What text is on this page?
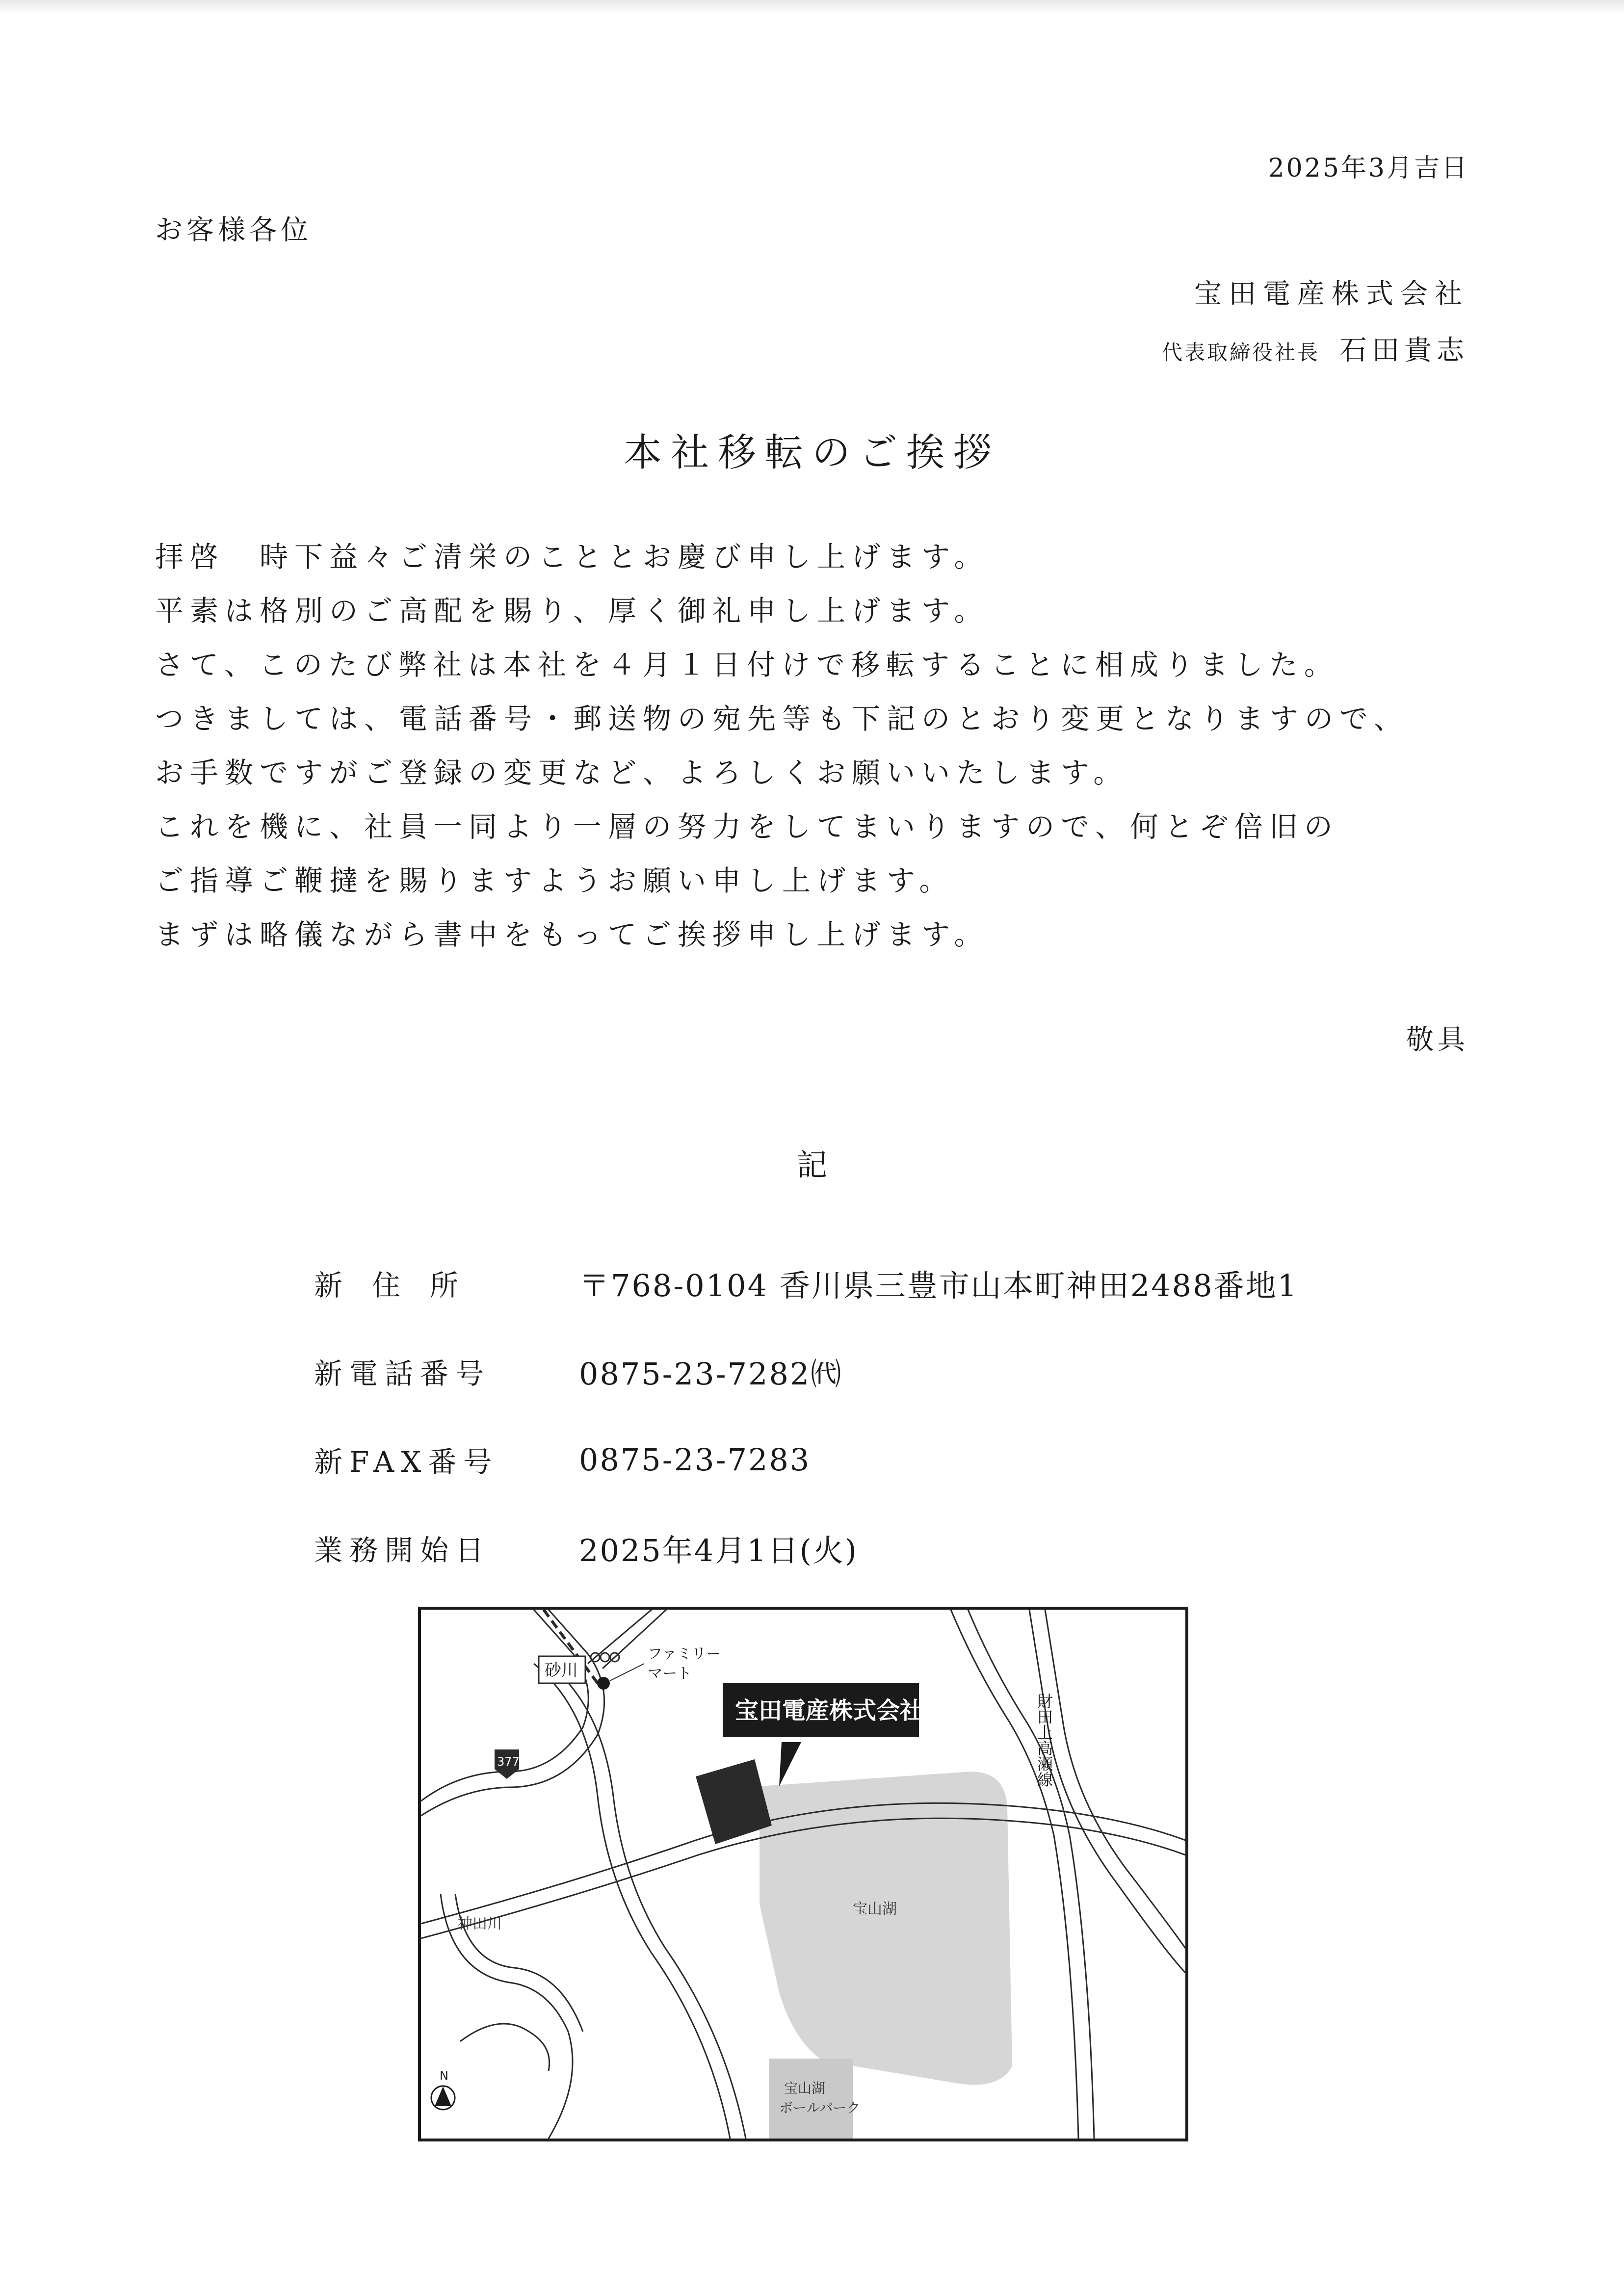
2025年3月吉日
お客様各位
宝田電産株式会社
代表取締役社長 石田貴志
本社移転のご挨拶
拝啓　時下益々ご清栄のこととお慶び申し上げます。
平素は格別のご高配を賜り、厚く御礼申し上げます。
さて、このたび弊社は本社を４月１日付けで移転することに相成りました。
つきましては、電話番号・郵送物の宛先等も下記のとおり変更となりますので、
お手数ですがご登録の変更など、よろしくお願いいたします。
これを機に、社員一同より一層の努力をしてまいりますので、何とぞ倍旧の
ご指導ご鞭撻を賜りますようお願い申し上げます。
まずは略儀ながら書中をもってご挨拶申し上げます。
敬具
記
新住所	〒768-0104 香川県三豊市山本町神田2488番地1
新電話番号	0875-23-7282㈹
新FAX番号	0875-23-7283
業務開始日	2025年4月1日(火)
砂川
ファミリー
マート
377
宝田電産株式会社	財田上高瀬線
宝山湖
神田川
宝山湖
ボールパーク
N
